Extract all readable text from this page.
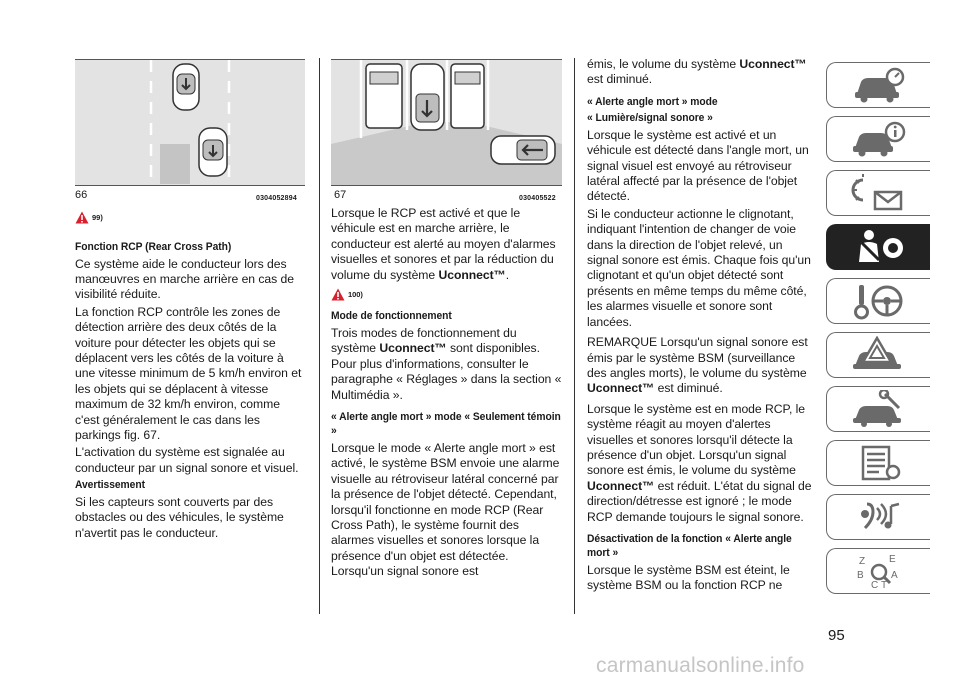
66	0304052894	67	030405522
99)
Fonction RCP (Rear Cross Path)

Ce système aide le conducteur lors des manœuvres en marche arrière en cas de visibilité réduite.

La fonction RCP contrôle les zones de détection arrière des deux côtés de la voiture pour détecter les objets qui se déplacent vers les côtés de la voiture à une vitesse minimum de 5 km/h environ et les objets qui se déplacent à vitesse maximum de 32 km/h environ, comme c'est généralement le cas dans les parkings fig. 67.

L'activation du système est signalée au conducteur par un signal sonore et visuel.

Avertissement

Si les capteurs sont couverts par des obstacles ou des véhicules, le système n'avertit pas le conducteur.

Lorsque le RCP est activé et que le véhicule est en marche arrière, le conducteur est alerté au moyen d'alarmes visuelles et sonores et par la réduction du volume du système Uconnect™.

100)
Mode de fonctionnement

Trois modes de fonctionnement du système Uconnect™ sont disponibles. Pour plus d'informations, consulter le paragraphe « Réglages » dans la section « Multimédia ».

« Alerte angle mort » mode « Seulement témoin »

Lorsque le mode « Alerte angle mort » est activé, le système BSM envoie une alarme visuelle au rétroviseur latéral concerné par la présence de l'objet détecté. Cependant, lorsqu'il fonctionne en mode RCP (Rear Cross Path), le système fournit des alarmes visuelles et sonores lorsque la présence d'un objet est détectée. Lorsqu'un signal sonore est

émis, le volume du système Uconnect™ est diminué.

« Alerte angle mort » mode
« Lumière/signal sonore »

Lorsque le système est activé et un véhicule est détecté dans l'angle mort, un signal visuel est envoyé au rétroviseur latéral affecté par la présence de l'objet détecté.

Si le conducteur actionne le clignotant, indiquant l'intention de changer de voie dans la direction de l'objet relevé, un signal sonore est émis. Chaque fois qu'un clignotant et qu'un objet détecté sont présents en même temps du même côté, les alarmes visuelle et sonore sont lancées.

REMARQUE Lorsqu'un signal sonore est émis par le système BSM (surveillance des angles morts), le volume du système Uconnect™ est diminué.

Lorsque le système est en mode RCP, le système réagit au moyen d'alertes visuelles et sonores lorsqu'il détecte la présence d'un objet. Lorsqu'un signal sonore est émis, le volume du système Uconnect™ est réduit. L'état du signal de direction/détresse est ignoré ; le mode RCP demande toujours le signal sonore.

Désactivation de la fonction « Alerte angle mort »

Lorsque le système BSM est éteint, le système BSM ou la fonction RCP ne

Z E
B	A
C T
95
carmanualsonline.info
